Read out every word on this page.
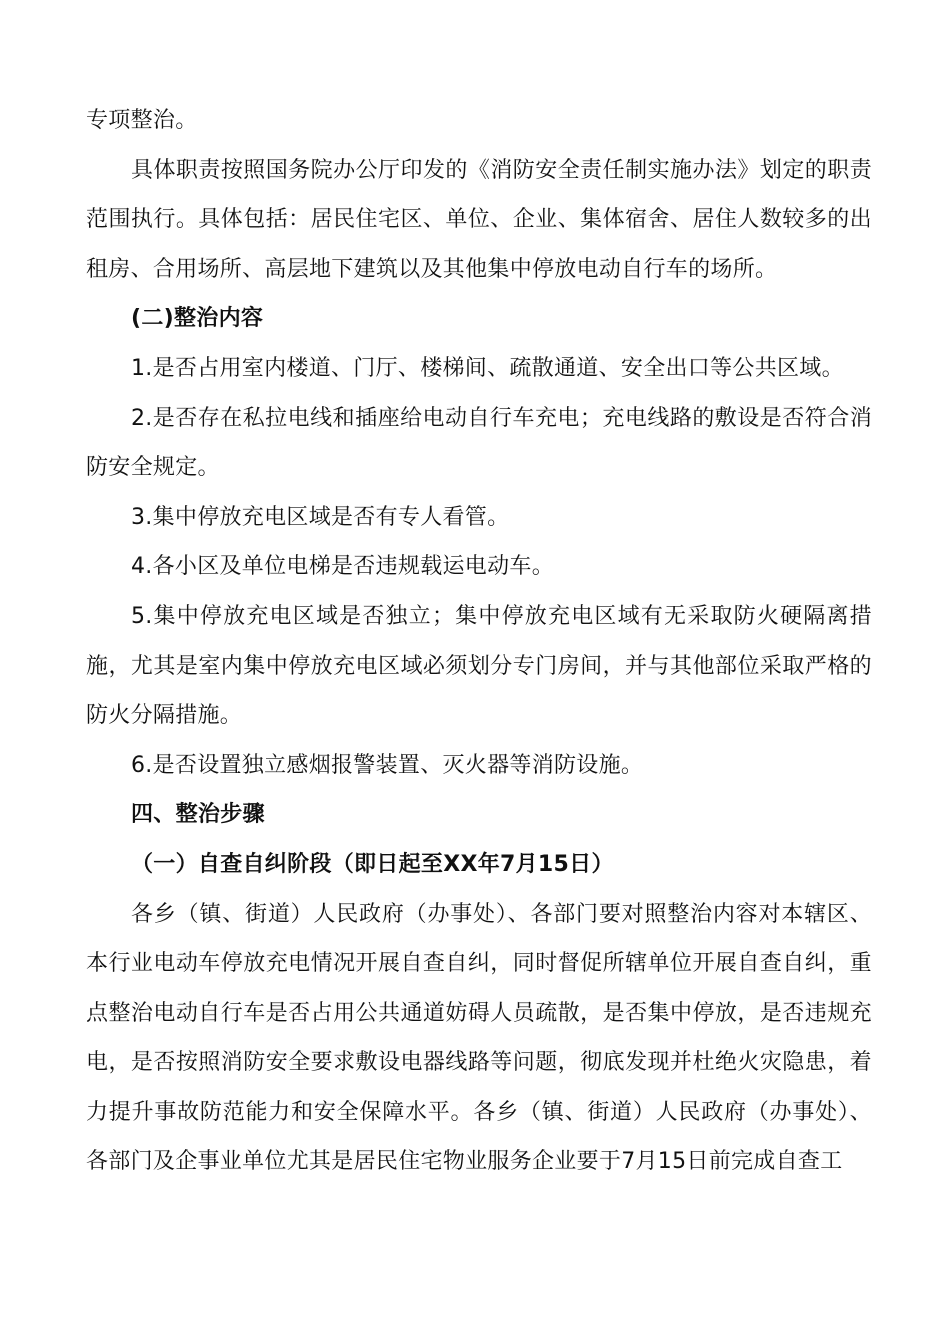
专项整治。

具体职责按照国务院办公厅印发的《消防安全责任制实施办法》划定的职责范围执行。具体包括：居民住宅区、单位、企业、集体宿舍、居住人数较多的出租房、合用场所、高层地下建筑以及其他集中停放电动自行车的场所。

(二)整治内容

1.是否占用室内楼道、门厅、楼梯间、疏散通道、安全出口等公共区域。

2.是否存在私拉电线和插座给电动自行车充电；充电线路的敷设是否符合消防安全规定。

3.集中停放充电区域是否有专人看管。

4.各小区及单位电梯是否违规载运电动车。

5.集中停放充电区域是否独立；集中停放充电区域有无采取防火硬隔离措施，尤其是室内集中停放充电区域必须划分专门房间，并与其他部位采取严格的防火分隔措施。

6.是否设置独立感烟报警装置、灭火器等消防设施。

四、整治步骤

（一）自查自纠阶段（即日起至XX年7月15日）

各乡（镇、街道）人民政府（办事处）、各部门要对照整治内容对本辖区、本行业电动车停放充电情况开展自查自纠，同时督促所辖单位开展自查自纠，重点整治电动自行车是否占用公共通道妨碍人员疏散，是否集中停放，是否违规充电，是否按照消防安全要求敷设电器线路等问题，彻底发现并杜绝火灾隐患，着力提升事故防范能力和安全保障水平。各乡（镇、街道）人民政府（办事处）、各部门及企事业单位尤其是居民住宅物业服务企业要于7月15日前完成自查工
